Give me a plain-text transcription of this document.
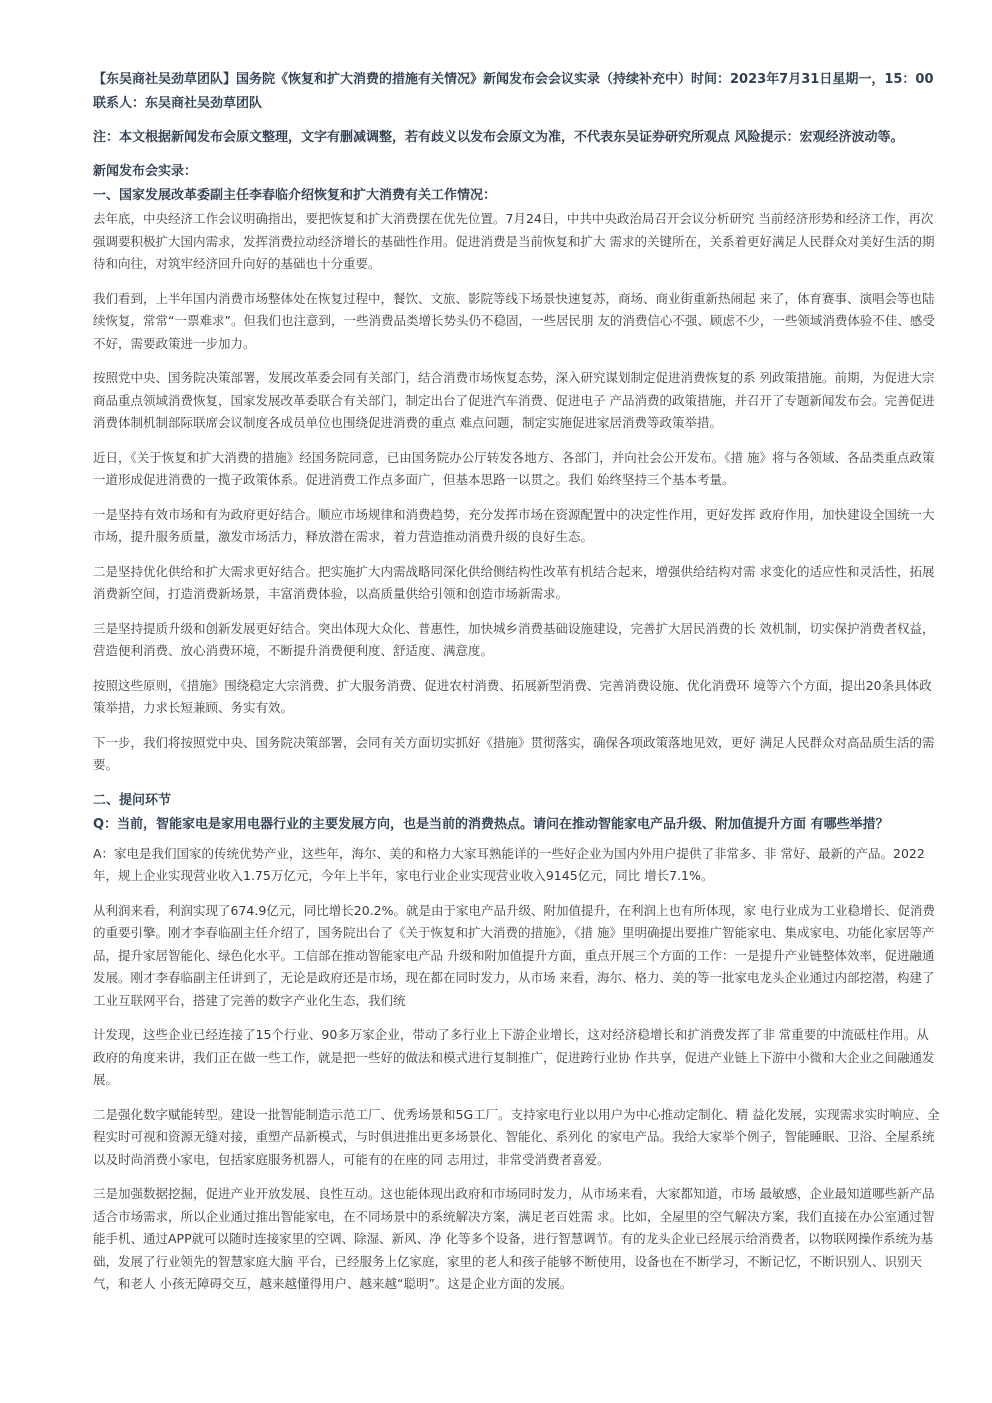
【东吴商社吴劲草团队】国务院《恢复和扩大消费的措施有关情况》新闻发布会会议实录（持续补充中）时间：2023年7月31日星期一，15：00

联系人：东吴商社吴劲草团队

注：本文根据新闻发布会原文整理，文字有删减调整，若有歧义以发布会原文为准，不代表东吴证券研究所观点 风险提示：宏观经济波动等。

新闻发布会实录：

一、国家发展改革委副主任李春临介绍恢复和扩大消费有关工作情况：

去年底，中央经济工作会议明确指出，要把恢复和扩大消费摆在优先位置。7月24日，中共中央政治局召开会议分析研究 当前经济形势和经济工作，再次强调要积极扩大国内需求，发挥消费拉动经济增长的基础性作用。促进消费是当前恢复和扩大 需求的关键所在，关系着更好满足人民群众对美好生活的期待和向往，对筑牢经济回升向好的基础也十分重要。

我们看到，上半年国内消费市场整体处在恢复过程中，餐饮、文旅、影院等线下场景快速复苏，商场、商业街重新热闹起 来了，体育赛事、演唱会等也陆续恢复，常常“一票难求”。但我们也注意到，一些消费品类增长势头仍不稳固，一些居民朋 友的消费信心不强、顾虑不少，一些领域消费体验不佳、感受不好，需要政策进一步加力。

按照党中央、国务院决策部署，发展改革委会同有关部门，结合消费市场恢复态势，深入研究谋划制定促进消费恢复的系 列政策措施。前期，为促进大宗商品重点领域消费恢复，国家发展改革委联合有关部门，制定出台了促进汽车消费、促进电子 产品消费的政策措施，并召开了专题新闻发布会。完善促进消费体制机制部际联席会议制度各成员单位也围绕促进消费的重点 难点问题，制定实施促进家居消费等政策举措。

近日，《关于恢复和扩大消费的措施》经国务院同意，已由国务院办公厅转发各地方、各部门，并向社会公开发布。《措 施》将与各领域、各品类重点政策一道形成促进消费的一揽子政策体系。促进消费工作点多面广，但基本思路一以贯之。我们 始终坚持三个基本考量。

一是坚持有效市场和有为政府更好结合。顺应市场规律和消费趋势，充分发挥市场在资源配置中的决定性作用，更好发挥 政府作用，加快建设全国统一大市场，提升服务质量，激发市场活力，释放潜在需求，着力营造推动消费升级的良好生态。

二是坚持优化供给和扩大需求更好结合。把实施扩大内需战略同深化供给侧结构性改革有机结合起来，增强供给结构对需 求变化的适应性和灵活性，拓展消费新空间，打造消费新场景，丰富消费体验，以高质量供给引领和创造市场新需求。

三是坚持提质升级和创新发展更好结合。突出体现大众化、普惠性，加快城乡消费基础设施建设，完善扩大居民消费的长 效机制，切实保护消费者权益，营造便利消费、放心消费环境，不断提升消费便利度、舒适度、满意度。

按照这些原则，《措施》围绕稳定大宗消费、扩大服务消费、促进农村消费、拓展新型消费、完善消费设施、优化消费环 境等六个方面，提出20条具体政策举措，力求长短兼顾、务实有效。

下一步，我们将按照党中央、国务院决策部署，会同有关方面切实抓好《措施》贯彻落实，确保各项政策落地见效，更好 满足人民群众对高品质生活的需要。

二、提问环节

Q：当前，智能家电是家用电器行业的主要发展方向，也是当前的消费热点。请问在推动智能家电产品升级、附加值提升方面 有哪些举措？

A：家电是我们国家的传统优势产业，这些年，海尔、美的和格力大家耳熟能详的一些好企业为国内外用户提供了非常多、非 常好、最新的产品。2022年，规上企业实现营业收入1.75万亿元，今年上半年，家电行业企业实现营业收入9145亿元，同比 增长7.1%。

从利润来看，利润实现了674.9亿元，同比增长20.2%。就是由于家电产品升级、附加值提升，在利润上也有所体现，家 电行业成为工业稳增长、促消费的重要引擎。刚才李春临副主任介绍了，国务院出台了《关于恢复和扩大消费的措施》，《措 施》里明确提出要推广智能家电、集成家电、功能化家居等产品，提升家居智能化、绿色化水平。工信部在推动智能家电产品 升级和附加值提升方面，重点开展三个方面的工作：一是提升产业链整体效率，促进融通发展。刚才李春临副主任讲到了，无论是政府还是市场，现在都在同时发力，从市场 来看，海尔、格力、美的等一批家电龙头企业通过内部挖潜，构建了工业互联网平台，搭建了完善的数字产业化生态，我们统

计发现，这些企业已经连接了15个行业、90多万家企业，带动了多行业上下游企业增长，这对经济稳增长和扩消费发挥了非 常重要的中流砥柱作用。从政府的角度来讲，我们正在做一些工作，就是把一些好的做法和模式进行复制推广，促进跨行业协 作共享，促进产业链上下游中小微和大企业之间融通发展。

二是强化数字赋能转型。建设一批智能制造示范工厂、优秀场景和5G工厂。支持家电行业以用户为中心推动定制化、精 益化发展，实现需求实时响应、全程实时可视和资源无缝对接，重塑产品新模式，与时俱进推出更多场景化、智能化、系列化 的家电产品。我给大家举个例子，智能睡眠、卫浴、全屋系统以及时尚消费小家电，包括家庭服务机器人，可能有的在座的同 志用过，非常受消费者喜爱。

三是加强数据挖掘，促进产业开放发展、良性互动。这也能体现出政府和市场同时发力，从市场来看，大家都知道，市场 最敏感，企业最知道哪些新产品适合市场需求，所以企业通过推出智能家电，在不同场景中的系统解决方案，满足老百姓需 求。比如，全屋里的空气解决方案，我们直接在办公室通过智能手机、通过APP就可以随时连接家里的空调、除湿、新风、净 化等多个设备，进行智慧调节。有的龙头企业已经展示给消费者，以物联网操作系统为基础，发展了行业领先的智慧家庭大脑 平台，已经服务上亿家庭，家里的老人和孩子能够不断使用，设备也在不断学习，不断记忆，不断识别人、识别天气，和老人 小孩无障碍交互，越来越懂得用户、越来越“聪明”。这是企业方面的发展。
